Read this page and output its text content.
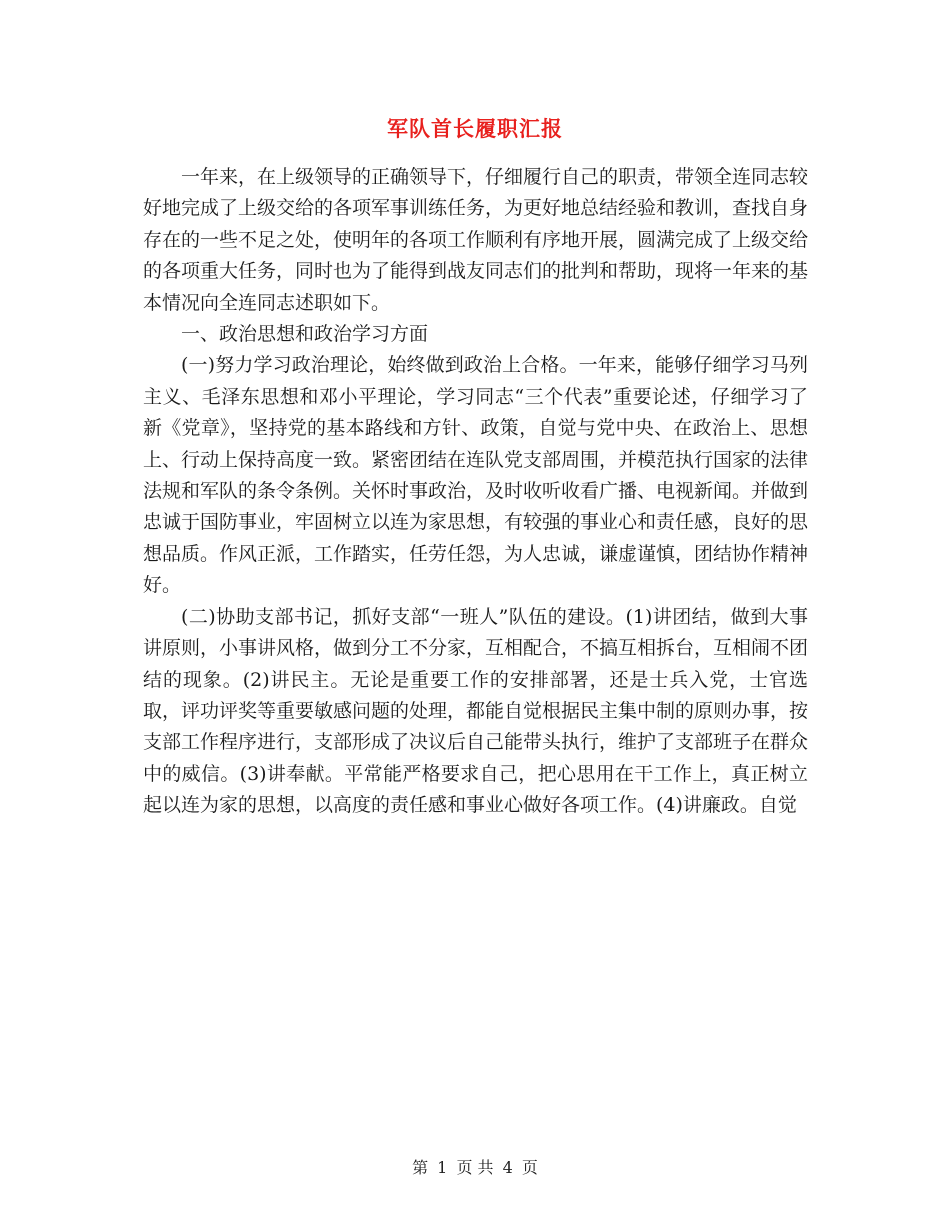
军队首长履职汇报

一年来，在上级领导的正确领导下，仔细履行自己的职责，带领全连同志较好地完成了上级交给的各项军事训练任务，为更好地总结经验和教训，查找自身存在的一些不足之处，使明年的各项工作顺利有序地开展，圆满完成了上级交给的各项重大任务，同时也为了能得到战友同志们的批判和帮助，现将一年来的基本情况向全连同志述职如下。

一、政治思想和政治学习方面

(一)努力学习政治理论，始终做到政治上合格。一年来，能够仔细学习马列主义、毛泽东思想和邓小平理论，学习同志“三个代表”重要论述，仔细学习了新《党章》，坚持党的基本路线和方针、政策，自觉与党中央、在政治上、思想上、行动上保持高度一致。紧密团结在连队党支部周围，并模范执行国家的法律法规和军队的条令条例。关怀时事政治，及时收听收看广播、电视新闻。并做到忠诚于国防事业，牢固树立以连为家思想，有较强的事业心和责任感，良好的思想品质。作风正派，工作踏实，任劳任怨，为人忠诚，谦虚谨慎，团结协作精神好。

(二)协助支部书记，抓好支部“一班人”队伍的建设。(1)讲团结，做到大事讲原则，小事讲风格，做到分工不分家，互相配合，不搞互相拆台，互相闹不团结的现象。(2)讲民主。无论是重要工作的安排部署，还是士兵入党，士官选取，评功评奖等重要敏感问题的处理，都能自觉根据民主集中制的原则办事，按支部工作程序进行，支部形成了决议后自己能带头执行，维护了支部班子在群众中的威信。(3)讲奉献。平常能严格要求自己，把心思用在干工作上，真正树立起以连为家的思想，以高度的责任感和事业心做好各项工作。(4)讲廉政。自觉

第 1 页 共 4 页
